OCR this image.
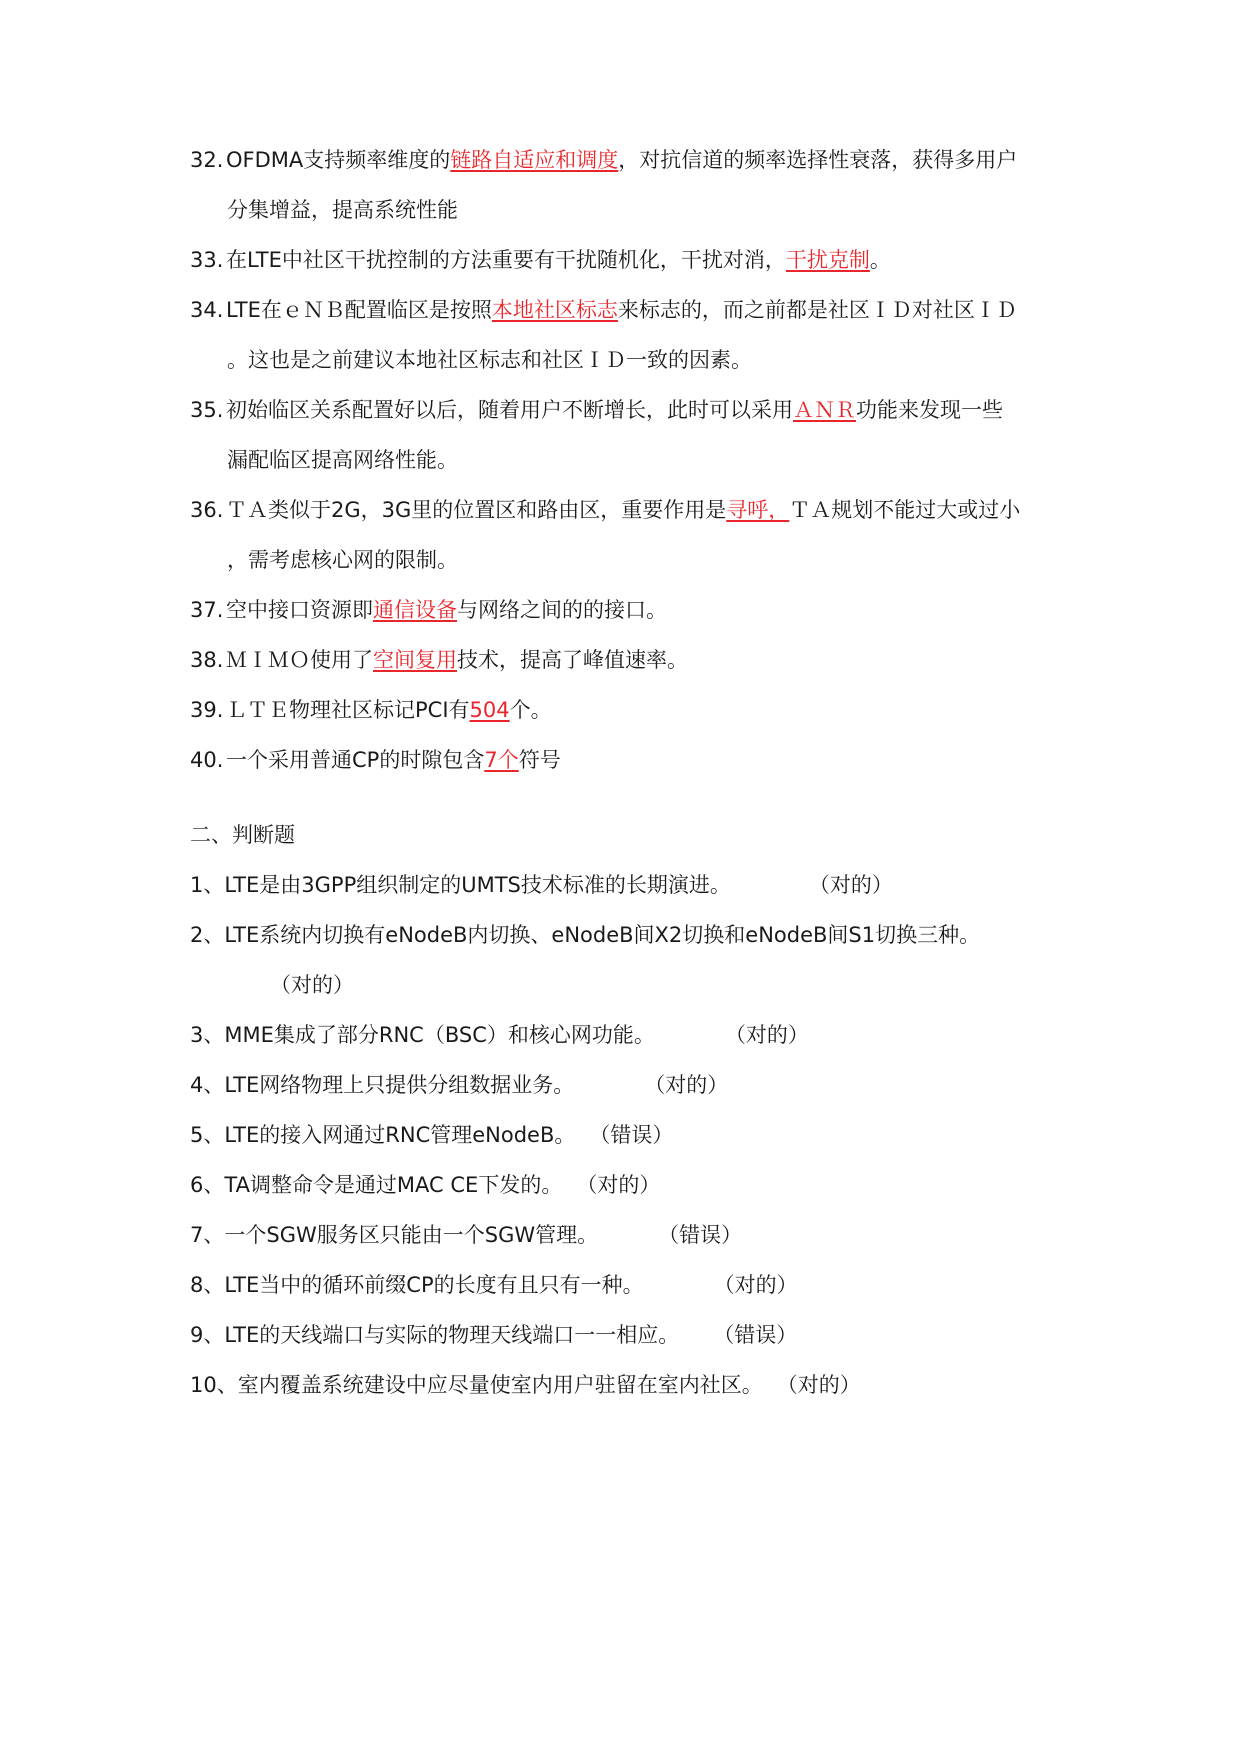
32. OFDMA支持频率维度的链路自适应和调度，对抗信道的频率选择性衰落，获得多用户
分集增益，提高系统性能
33. 在LTE中社区干扰控制的方法重要有干扰随机化，干扰对消，干扰克制。
34. LTE在ｅＮＢ配置临区是按照本地社区标志来标志的，而之前都是社区ＩＤ对社区ＩＤ
。这也是之前建议本地社区标志和社区ＩＤ一致的因素。
35. 初始临区关系配置好以后，随着用户不断增长，此时可以采用ＡＮＲ功能来发现一些
漏配临区提高网络性能。
36. ＴＡ类似于2G，3G里的位置区和路由区，重要作用是寻呼，ＴＡ规划不能过大或过小
，需考虑核心网的限制。
37. 空中接口资源即通信设备与网络之间的的接口。
38. ＭＩＭＯ使用了空间复用技术，提高了峰值速率。
39. ＬＴＥ物理社区标记PCI有504个。
40. 一个采用普通CP的时隙包含7个符号
二、判断题
1、LTE是由3GPP组织制定的UMTS技术标准的长期演进。	（对的）
2、LTE系统内切换有eNodeB内切换、eNodeB间X2切换和eNodeB间S1切换三种。
（对的）
3、MME集成了部分RNC（BSC）和核心网功能。	（对的）
4、LTE网络物理上只提供分组数据业务。	（对的）
5、LTE的接入网通过RNC管理eNodeB。 （错误）
6、TA调整命令是通过MAC CE下发的。 （对的）
7、一个SGW服务区只能由一个SGW管理。	（错误）
8、LTE当中的循环前缀CP的长度有且只有一种。	（对的）
9、LTE的天线端口与实际的物理天线端口一一相应。 （错误）
10、室内覆盖系统建设中应尽量使室内用户驻留在室内社区。 （对的）
